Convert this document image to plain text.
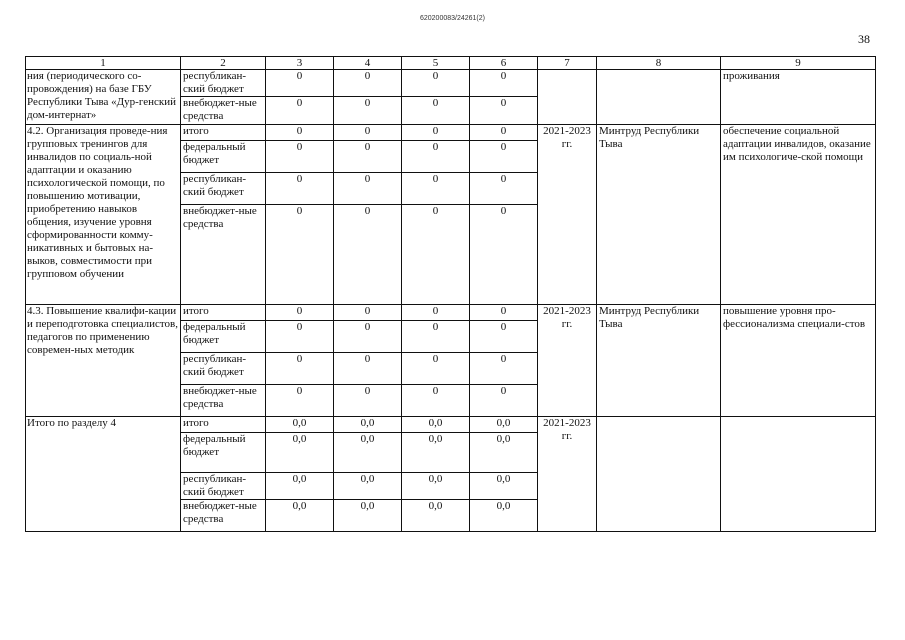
620200083/24261(2)
38
1	2	3	4	5	6	7	8	9
ния (периодического со-провождения) на базе ГБУ Республики Тыва «Дур-генский дом-интернат»	республикан-ский бюджет	0	0	0	0			проживания
	внебюджет-ные средства	0	0	0	0			
4.2. Организация проведе-ния групповых тренингов для инвалидов по социаль-ной адаптации и оказанию психологической помощи, по повышению мотивации, приобретению навыков общения, изучение уровня сформированности комму-никативных и бытовых на-выков, совместимости при групповом обучении	итого	0	0	0	0	2021-2023 гг.	Минтруд Республики Тыва	обеспечение социальной адаптации инвалидов, оказание им психологиче-ской помощи
	федеральный бюджет	0	0	0	0			
	республикан-ский бюджет	0	0	0	0			
	внебюджет-ные средства	0	0	0	0			
4.3. Повышение квалифи-кации и переподготовка специалистов, педагогов по применению современ-ных методик	итого	0	0	0	0	2021-2023 гг.	Минтруд Республики Тыва	повышение уровня про-фессионализма специали-стов
	федеральный бюджет	0	0	0	0			
	республикан-ский бюджет	0	0	0	0			
	внебюджет-ные средства	0	0	0	0			
Итого по разделу 4	итого	0,0	0,0	0,0	0,0	2021-2023 гг.		
	федеральный бюджет	0,0	0,0	0,0	0,0			
	республикан-ский бюджет	0,0	0,0	0,0	0,0			
	внебюджет-ные средства	0,0	0,0	0,0	0,0			
